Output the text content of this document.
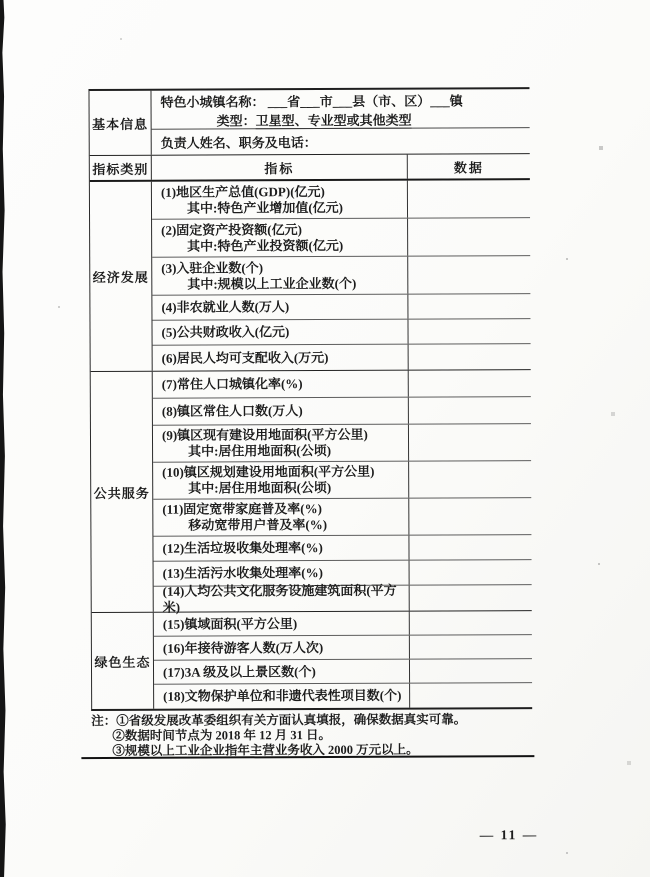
基本信息
特色小城镇名称： ___省___市___县（市、区）___镇
类型：卫星型、专业型或其他类型
负责人姓名、职务及电话：
指标类别	指标	数据
经济发展
(1)地区生产总值(GDP)(亿元)
其中:特色产业增加值(亿元)
(2)固定资产投资额(亿元)
其中:特色产业投资额(亿元)
(3)入驻企业数(个)
其中:规模以上工业企业数(个)
(4)非农就业人数(万人)
(5)公共财政收入(亿元)
(6)居民人均可支配收入(万元)
公共服务
(7)常住人口城镇化率(%)
(8)镇区常住人口数(万人)
(9)镇区现有建设用地面积(平方公里)
其中:居住用地面积(公顷)
(10)镇区规划建设用地面积(平方公里)
其中:居住用地面积(公顷)
(11)固定宽带家庭普及率(%)
移动宽带用户普及率(%)
(12)生活垃圾收集处理率(%)
(13)生活污水收集处理率(%)
(14)人均公共文化服务设施建筑面积(平方米)
绿色生态
(15)镇域面积(平方公里)
(16)年接待游客人数(万人次)
(17)3A 级及以上景区数(个)
(18)文物保护单位和非遗代表性项目数(个)
注： ①省级发展改革委组织有关方面认真填报，确保数据真实可靠。
②数据时间节点为 2018 年 12 月 31 日。
③规模以上工业企业指年主营业务收入 2000 万元以上。
— 11 —
